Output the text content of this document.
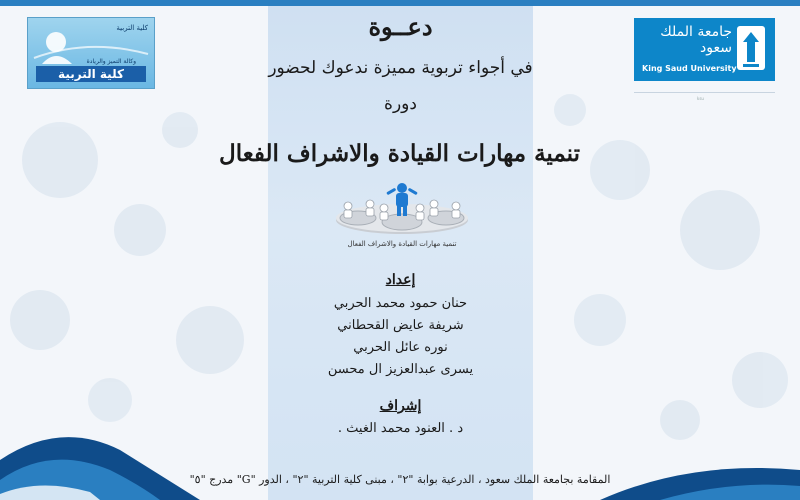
كلية التربية
وكالة التميز والريادة
كلية التربية
جامعة الملك سعود
King Saud University
ksu
دعــوة
في أجواء تربوية مميزة ندعوك لحضور
دورة
تنمية مهارات القيادة والاشراف الفعال
تنمية مهارات القيادة والاشراف الفعال
إعداد
حنان حمود محمد الحربي
شريفة عايض القحطاني
نوره عائل الحربي
يسرى عبدالعزيز ال محسن
إشراف
د . العنود محمد الغيث .
المقامة بجامعة الملك سعود ، الدرعية بوابة "٢" ، مبنى كلية التربية "٢" ، الدور "G" مدرج "٥"
